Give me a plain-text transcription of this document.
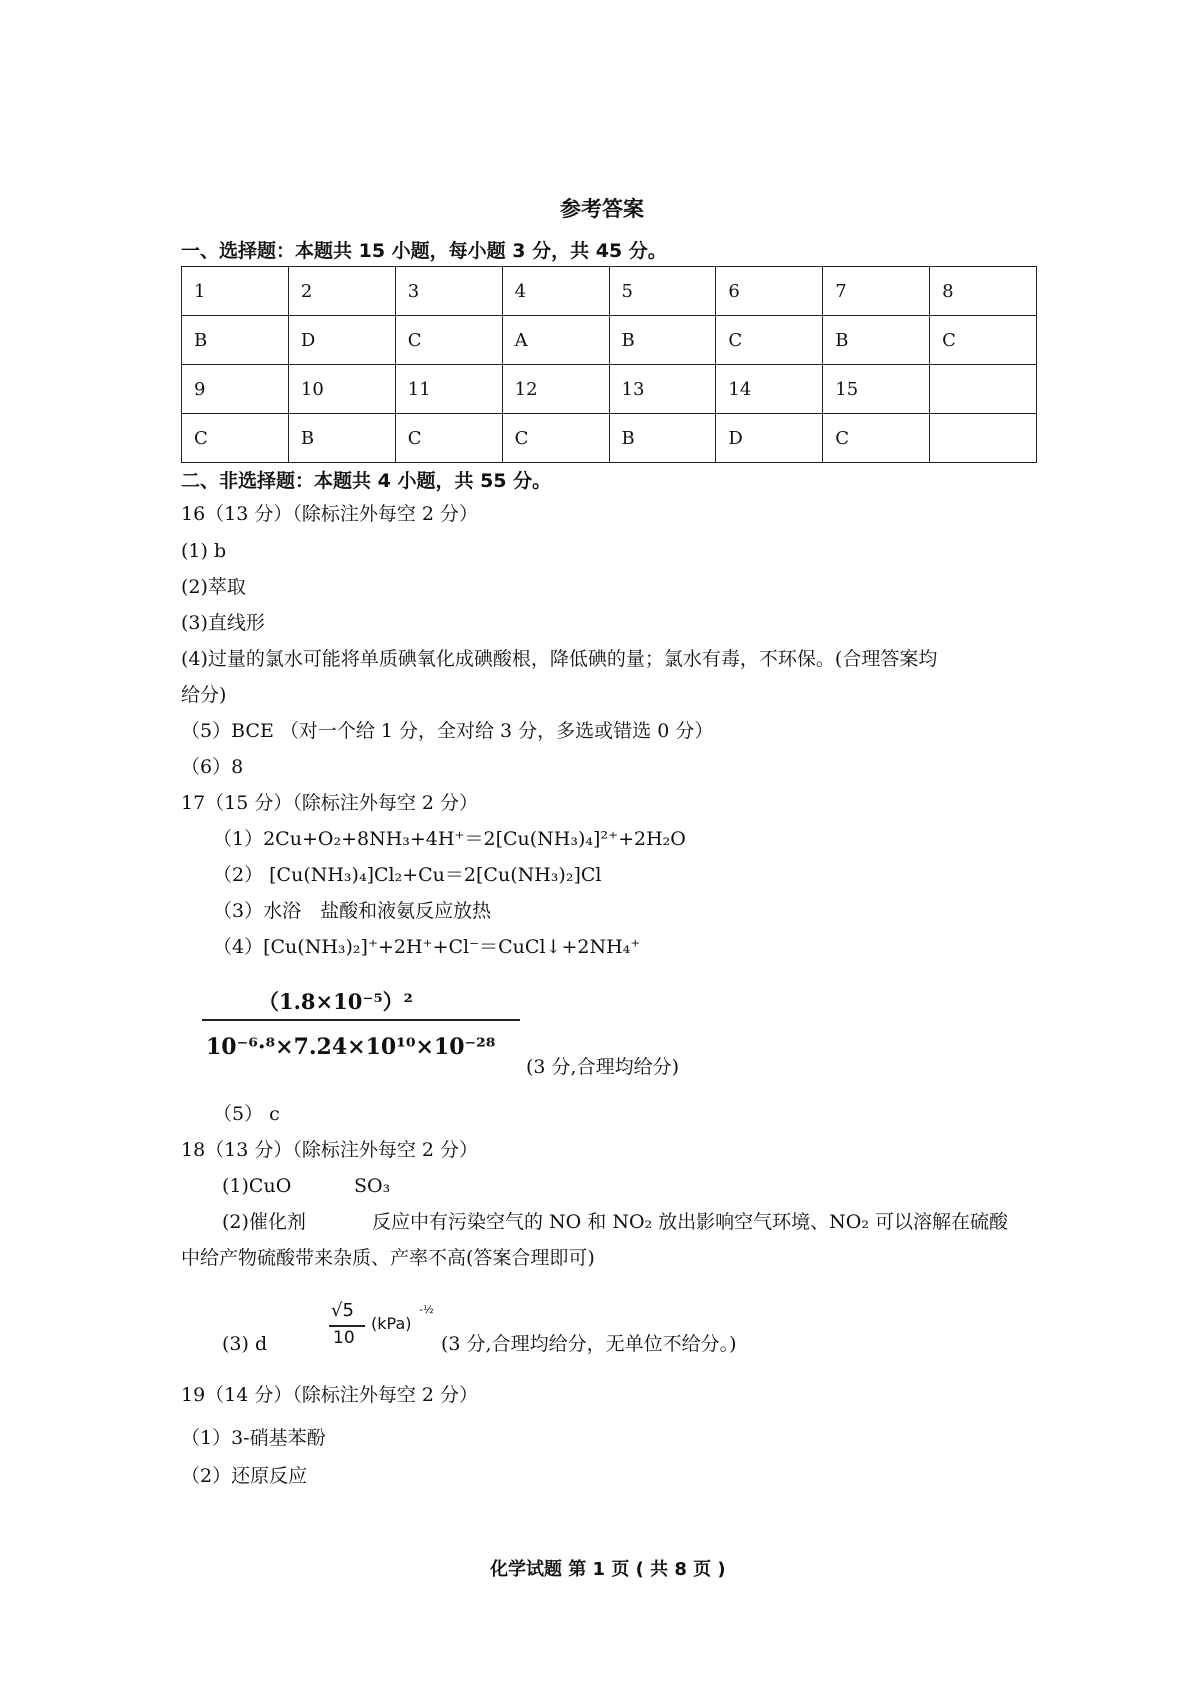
参考答案
一、选择题：本题共 15 小题，每小题 3 分，共 45 分。
1	2	3	4	5	6	7	8
B	D	C	A	B	C	B	C
9	10	11	12	13	14	15	
C	B	C	C	B	D	C	
二、非选择题：本题共 4 小题，共 55 分。
16（13 分）（除标注外每空 2 分）
(1) b
(2)萃取
(3)直线形
(4)过量的氯水可能将单质碘氧化成碘酸根，降低碘的量；氯水有毒，不环保。(合理答案均
给分)
（5）BCE （对一个给 1 分，全对给 3 分，多选或错选 0 分）
（6）8
17（15 分）（除标注外每空 2 分）
（1）2Cu+O₂+8NH₃+4H⁺＝2[Cu(NH₃)₄]²⁺+2H₂O
（2） [Cu(NH₃)₄]Cl₂+Cu＝2[Cu(NH₃)₂]Cl
（3）水浴　盐酸和液氨反应放热
（4）[Cu(NH₃)₂]⁺+2H⁺+Cl⁻＝CuCl↓+2NH₄⁺
（1.8×10⁻⁵）²
10⁻⁶·⁸×7.24×10¹⁰×10⁻²⁸
(3 分,合理均给分)
（5） c
18（13 分）（除标注外每空 2 分）
(1)CuO	SO₃
(2)催化剂	反应中有污染空气的 NO 和 NO₂ 放出影响空气环境、NO₂ 可以溶解在硫酸
中给产物硫酸带来杂质、产率不高(答案合理即可)
(3) d
√5
10
(kPa)
-½
(3 分,合理均给分，无单位不给分。)
19（14 分）（除标注外每空 2 分）
（1）3-硝基苯酚
（2）还原反应
化学试题 第 1 页 ( 共 8 页 )
